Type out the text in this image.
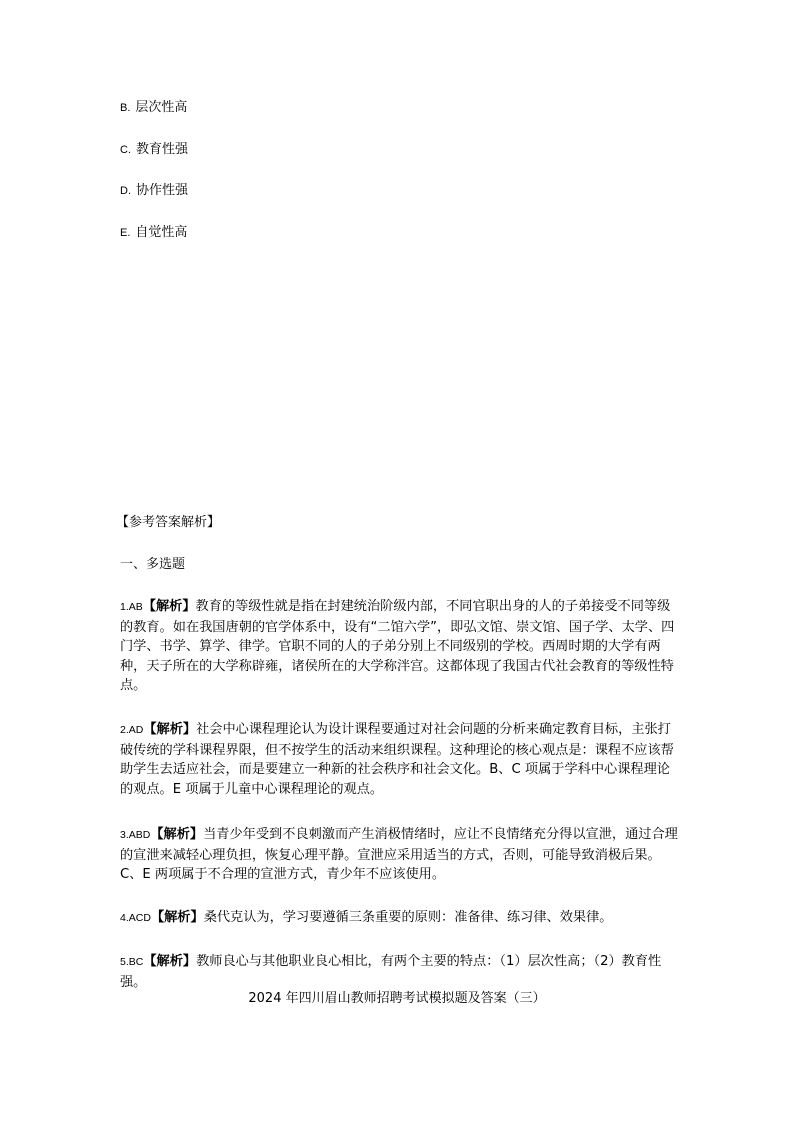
B. 层次性高
C. 教育性强
D. 协作性强
E. 自觉性高
【参考答案解析】
一、多选题
1.AB【解析】教育的等级性就是指在封建统治阶级内部，不同官职出身的人的子弟接受不同等级的教育。如在我国唐朝的官学体系中，设有“二馆六学”，即弘文馆、崇文馆、国子学、太学、四门学、书学、算学、律学。官职不同的人的子弟分别上不同级别的学校。西周时期的大学有两种，天子所在的大学称辟雍，诸侯所在的大学称泮宫。这都体现了我国古代社会教育的等级性特点。
2.AD【解析】社会中心课程理论认为设计课程要通过对社会问题的分析来确定教育目标，主张打破传统的学科课程界限，但不按学生的活动来组织课程。这种理论的核心观点是：课程不应该帮助学生去适应社会，而是要建立一种新的社会秩序和社会文化。B、C 项属于学科中心课程理论的观点。E 项属于儿童中心课程理论的观点。
3.ABD【解析】当青少年受到不良刺激而产生消极情绪时，应让不良情绪充分得以宣泄，通过合理的宣泄来减轻心理负担，恢复心理平静。宣泄应采用适当的方式，否则，可能导致消极后果。C、E 两项属于不合理的宣泄方式，青少年不应该使用。
4.ACD【解析】桑代克认为，学习要遵循三条重要的原则：准备律、练习律、效果律。
5.BC【解析】教师良心与其他职业良心相比，有两个主要的特点：（1）层次性高；（2）教育性强。
2024 年四川眉山教师招聘考试模拟题及答案（三）
